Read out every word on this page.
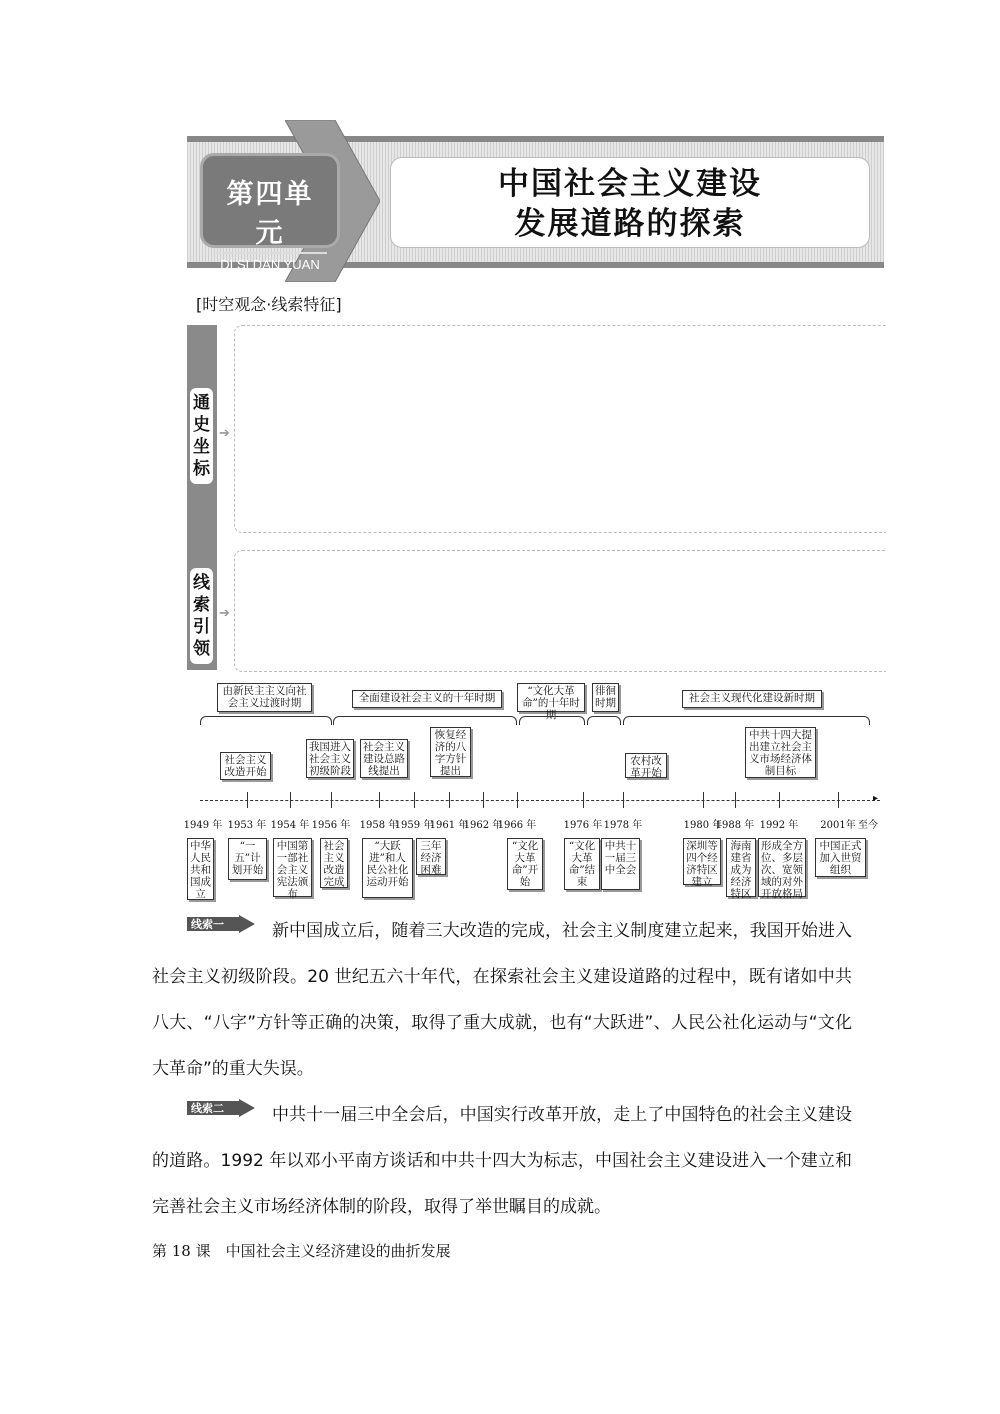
第四单元
DI SI DAN YUAN
中国社会主义建设
发展道路的探索
[时空观念·线索特征]
通史坐标
➔
线索引领
➔
由新民主主义向社会主义过渡时期	全面建设社会主义的十年时期
“文化大革命”的十年时期
徘徊时期	社会主义现代化建设新时期
社会主义改造开始
我国进入社会主义初级阶段
社会主义建设总路线提出
恢复经济的八字方针提出
农村改革开始
中共十四大提出建立社会主义市场经济体制目标
▸
1949 年 1953 年 1954 年 1956 年 1958 年
1959 年
1961 年
1962 年
1966 年	1976 年 1978 年	1980 年
1988 年 1992 年 2001年 至今
中华人民共和国成立
“一五”计划开始
中国第一部社会主义宪法颁布
社会主义改造完成
“大跃进”和人民公社化运动开始
三年经济困难
“文化大革命”开始
“文化大革命”结束
中共十一届三中全会
深圳等四个经济特区建立
海南建省成为经济特区
形成全方位、多层次、宽领域的对外开放格局
中国正式加入世贸组织
线索一	新中国成立后，随着三大改造的完成，社会主义制度建立起来，我国开始进入社会主义初级阶段。20 世纪五六十年代，在探索社会主义建设道路的过程中，既有诸如中共八大、“八字”方针等正确的决策，取得了重大成就，也有“大跃进”、人民公社化运动与“文化大革命”的重大失误。
线索二	中共十一届三中全会后，中国实行改革开放，走上了中国特色的社会主义建设的道路。1992 年以邓小平南方谈话和中共十四大为标志，中国社会主义建设进入一个建立和完善社会主义市场经济体制的阶段，取得了举世瞩目的成就。
第 18 课　中国社会主义经济建设的曲折发展
